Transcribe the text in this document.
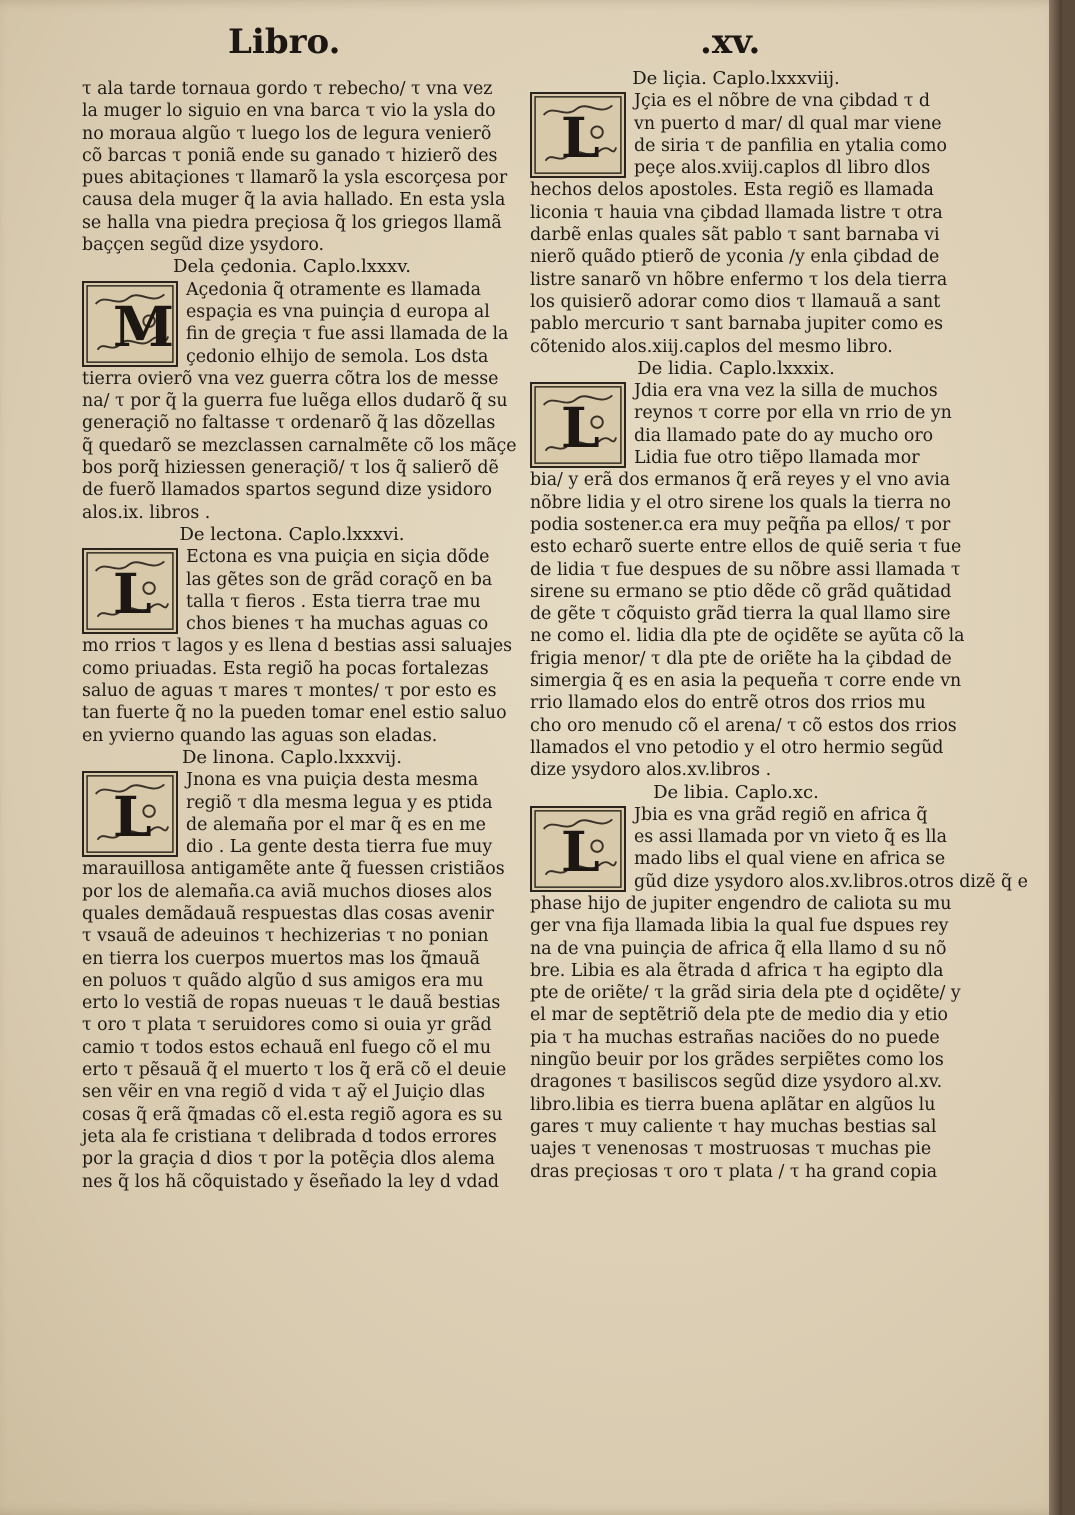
Libro.	.xv.
τ ala tarde tornaua gordo τ rebecho/ τ vna vez
la muger lo siguio en vna barca τ vio la ysla do
no moraua algũo τ luego los de legura venierõ
cõ barcas τ poniã ende su ganado τ hizierõ des
pues abitaçiones τ llamarõ la ysla escorçesa por
causa dela muger q̃ la avia hallado. En esta ysla
se halla vna piedra preçiosa q̃ los griegos llamã
baççen segũd dize ysydoro.
Dela çedonia. Caplo.lxxxv.
M
Açedonia q̃ otramente es llamada
espaçia es vna puinçia d europa al
fin de greçia τ fue assi llamada de la
çedonio elhijo de semola. Los dsta
tierra ovierõ vna vez guerra cõtra los de messe
na/ τ por q̃ la guerra fue luẽga ellos dudarõ q̃ su
generaçiõ no faltasse τ ordenarõ q̃ las dõzellas
q̃ quedarõ se mezclassen carnalmẽte cõ los mãçe
bos porq̃ hiziessen generaçiõ/ τ los q̃ salierõ dẽ
de fuerõ llamados spartos segund dize ysidoro
alos.ix. libros .
De lectona. Caplo.lxxxvi.
L
Ectona es vna puiçia en siçia dõde
las gẽtes son de grãd coraçõ en ba
talla τ fieros . Esta tierra trae mu
chos bienes τ ha muchas aguas co
mo rrios τ lagos y es llena d bestias assi saluajes
como priuadas. Esta regiõ ha pocas fortalezas
saluo de aguas τ mares τ montes/ τ por esto es
tan fuerte q̃ no la pueden tomar enel estio saluo
en yvierno quando las aguas son eladas.
De linona. Caplo.lxxxvij.
L
Jnona es vna puiçia desta mesma
regiõ τ dla mesma legua y es ptida
de alemaña por el mar q̃ es en me
dio . La gente desta tierra fue muy
marauillosa antigamẽte ante q̃ fuessen cristiãos
por los de alemaña.ca aviã muchos dioses alos
quales demãdauã respuestas dlas cosas avenir
τ vsauã de adeuinos τ hechizerias τ no ponian
en tierra los cuerpos muertos mas los q̃mauã
en poluos τ quãdo algũo d sus amigos era mu
erto lo vestiã de ropas nueuas τ le dauã bestias
τ oro τ plata τ seruidores como si ouia yr grãd
camio τ todos estos echauã enl fuego cõ el mu
erto τ pẽsauã q̃ el muerto τ los q̃ erã cõ el deuie
sen vẽir en vna regiõ d vida τ aỹ el Juiçio dlas
cosas q̃ erã q̃madas cõ el.esta regiõ agora es su
jeta ala fe cristiana τ delibrada d todos errores
por la graçia d dios τ por la potẽçia dlos alema
nes q̃ los hã cõquistado y ẽseñado la ley d vdad
De liçia. Caplo.lxxxviij.
L
Jçia es el nõbre de vna çibdad τ d
vn puerto d mar/ dl qual mar viene
de siria τ de panfilia en ytalia como
peçe alos.xviij.caplos dl libro dlos
hechos delos apostoles. Esta regiõ es llamada
liconia τ hauia vna çibdad llamada listre τ otra
darbẽ enlas quales sãt pablo τ sant barnaba vi
nierõ quãdo ptierõ de yconia /y enla çibdad de
listre sanarõ vn hõbre enfermo τ los dela tierra
los quisierõ adorar como dios τ llamauã a sant
pablo mercurio τ sant barnaba jupiter como es
cõtenido alos.xiij.caplos del mesmo libro.
De lidia. Caplo.lxxxix.
L
Jdia era vna vez la silla de muchos
reynos τ corre por ella vn rrio de yn
dia llamado pate do ay mucho oro
Lidia fue otro tiẽpo llamada mor
bia/ y erã dos ermanos q̃ erã reyes y el vno avia
nõbre lidia y el otro sirene los quals la tierra no
podia sostener.ca era muy peq̃ña pa ellos/ τ por
esto echarõ suerte entre ellos de quiẽ seria τ fue
de lidia τ fue despues de su nõbre assi llamada τ
sirene su ermano se ptio dẽde cõ grãd quãtidad
de gẽte τ cõquisto grãd tierra la qual llamo sire
ne como el. lidia dla pte de oçidẽte se ayũta cõ la
frigia menor/ τ dla pte de oriẽte ha la çibdad de
simergia q̃ es en asia la pequeña τ corre ende vn
rrio llamado elos do entrẽ otros dos rrios mu
cho oro menudo cõ el arena/ τ cõ estos dos rrios
llamados el vno petodio y el otro hermio segũd
dize ysydoro alos.xv.libros .
De libia. Caplo.xc.
L
Jbia es vna grãd regiõ en africa q̃
es assi llamada por vn vieto q̃ es lla
mado libs el qual viene en africa se
gũd dize ysydoro alos.xv.libros.otros dizẽ q̃ e
phase hijo de jupiter engendro de caliota su mu
ger vna fija llamada libia la qual fue dspues rey
na de vna puinçia de africa q̃ ella llamo d su nõ
bre. Libia es ala ẽtrada d africa τ ha egipto dla
pte de oriẽte/ τ la grãd siria dela pte d oçidẽte/ y
el mar de septẽtriõ dela pte de medio dia y etio
pia τ ha muchas estrañas naciões do no puede
ningũo beuir por los grãdes serpiẽtes como los
dragones τ basiliscos segũd dize ysydoro al.xv.
libro.libia es tierra buena aplãtar en algũos lu
gares τ muy caliente τ hay muchas bestias sal
uajes τ venenosas τ mostruosas τ muchas pie
dras preçiosas τ oro τ plata / τ ha grand copia
